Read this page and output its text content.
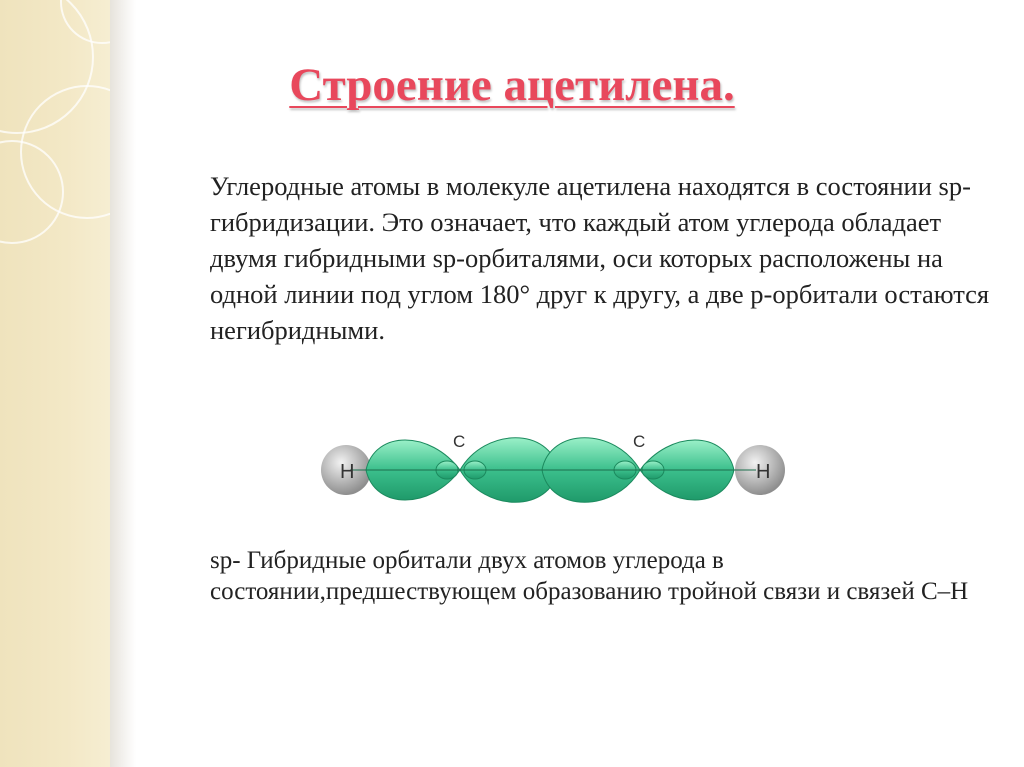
Строение ацетилена.

Углеродные атомы в молекуле ацетилена находятся в состоянии sp-гибридизации. Это означает, что каждый атом углерода обладает двумя гибридными sp-орбиталями, оси которых расположены на одной линии под углом 180° друг к другу, а две p-орбитали остаются негибридными.

H
C	C
H

sp- Гибридные орбитали двух атомов углерода в состоянии,предшествующем образованию тройной связи и связей С–Н
